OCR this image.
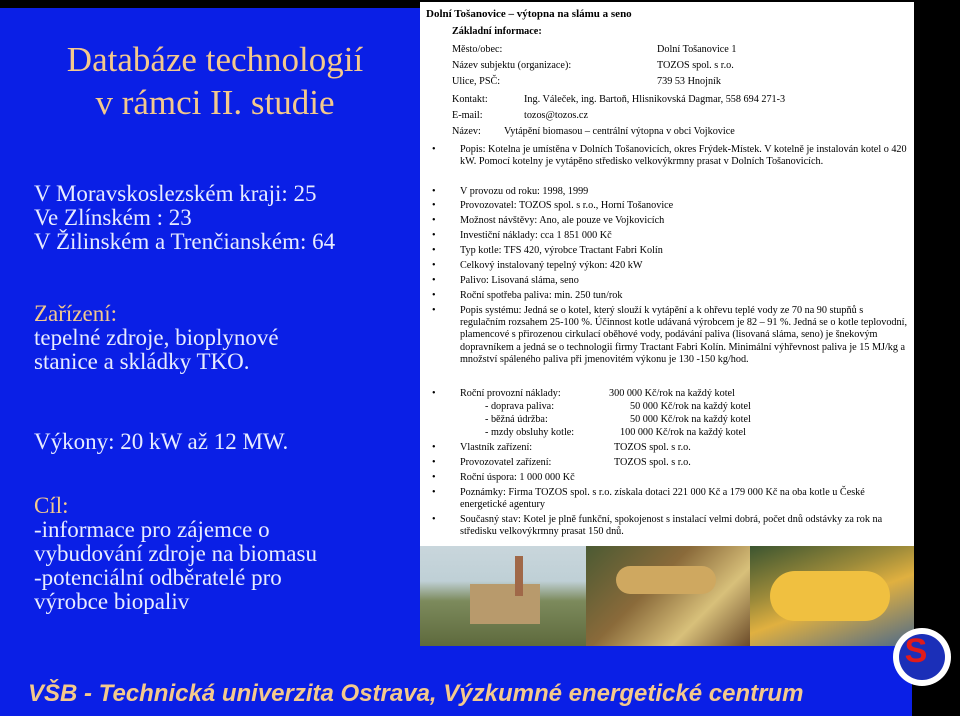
Databáze technologií
v rámci II. studie
V Moravskoslezském kraji: 25
Ve Zlínském : 23
V Žilinském a Trenčianském: 64
Zařízení:
tepelné zdroje, bioplynové
stanice a skládky TKO.
Výkony: 20 kW až 12 MW.
Cíl:
-informace pro zájemce o
vybudování zdroje na biomasu
-potenciální odběratelé pro
výrobce biopaliv
Dolní Tošanovice – výtopna na slámu a seno
Základní informace:
Město/obec:	Dolní Tošanovice 1
Název subjektu (organizace):	TOZOS spol. s r.o.
Ulice, PSČ:	739 53 Hnojník
Kontakt:	Ing. Váleček, ing. Bartoň, Hlisnikovská Dagmar, 558 694 271-3
E-mail:	tozos@tozos.cz
Název: Vytápění biomasou – centrální výtopna v obci Vojkovice
• Popis: Kotelna je umístěna v Dolních Tošanovicích, okres Frýdek-Místek. V kotelně je instalován kotel o 420 kW. Pomocí kotelny je vytápěno středisko velkovýkrmny prasat v Dolních Tošanovicích.
• V provozu od roku: 1998, 1999
• Provozovatel: TOZOS spol. s r.o., Horní Tošanovice
• Možnost návštěvy: Ano, ale pouze ve Vojkovicích
• Investiční náklady: cca 1 851 000 Kč
• Typ kotle: TFS 420, výrobce Tractant Fabri Kolín
• Celkový instalovaný tepelný výkon: 420 kW
• Palivo: Lisovaná sláma, seno
• Roční spotřeba paliva: min. 250 tun/rok
• Popis systému: Jedná se o kotel, který slouží k vytápění a k ohřevu teplé vody ze 70 na 90 stupňů s regulačním rozsahem 25-100 %. Účinnost kotle udávaná výrobcem je 82 – 91 %. Jedná se o kotle teplovodní, plamencové s přirozenou cirkulací oběhové vody, podávání paliva (lisovaná sláma, seno) je šnekovým dopravníkem a jedná se o technologii firmy Tractant Fabri Kolín. Minimální výhřevnost paliva je 15 MJ/kg a množství spáleného paliva při jmenovitém výkonu je 130 -150 kg/hod.
• Roční provozní náklady:	300 000 Kč/rok na každý kotel
- doprava paliva:	50 000 Kč/rok na každý kotel
- běžná údržba:	50 000 Kč/rok na každý kotel
- mzdy obsluhy kotle:	100 000 Kč/rok na každý kotel
• Vlastník zařízení:	TOZOS spol. s r.o.
• Provozovatel zařízení:	TOZOS spol. s r.o.
• Roční úspora: 1 000 000 Kč
• Poznámky: Firma TOZOS spol. s r.o. získala dotaci 221 000 Kč a 179 000 Kč na oba kotle u České energetické agentury
• Současný stav: Kotel je plně funkční, spokojenost s instalací velmi dobrá, počet dnů odstávky za rok na středisku velkovýkrmny prasat 150 dnů.
S
VŠB - Technická univerzita Ostrava, Výzkumné energetické centrum
